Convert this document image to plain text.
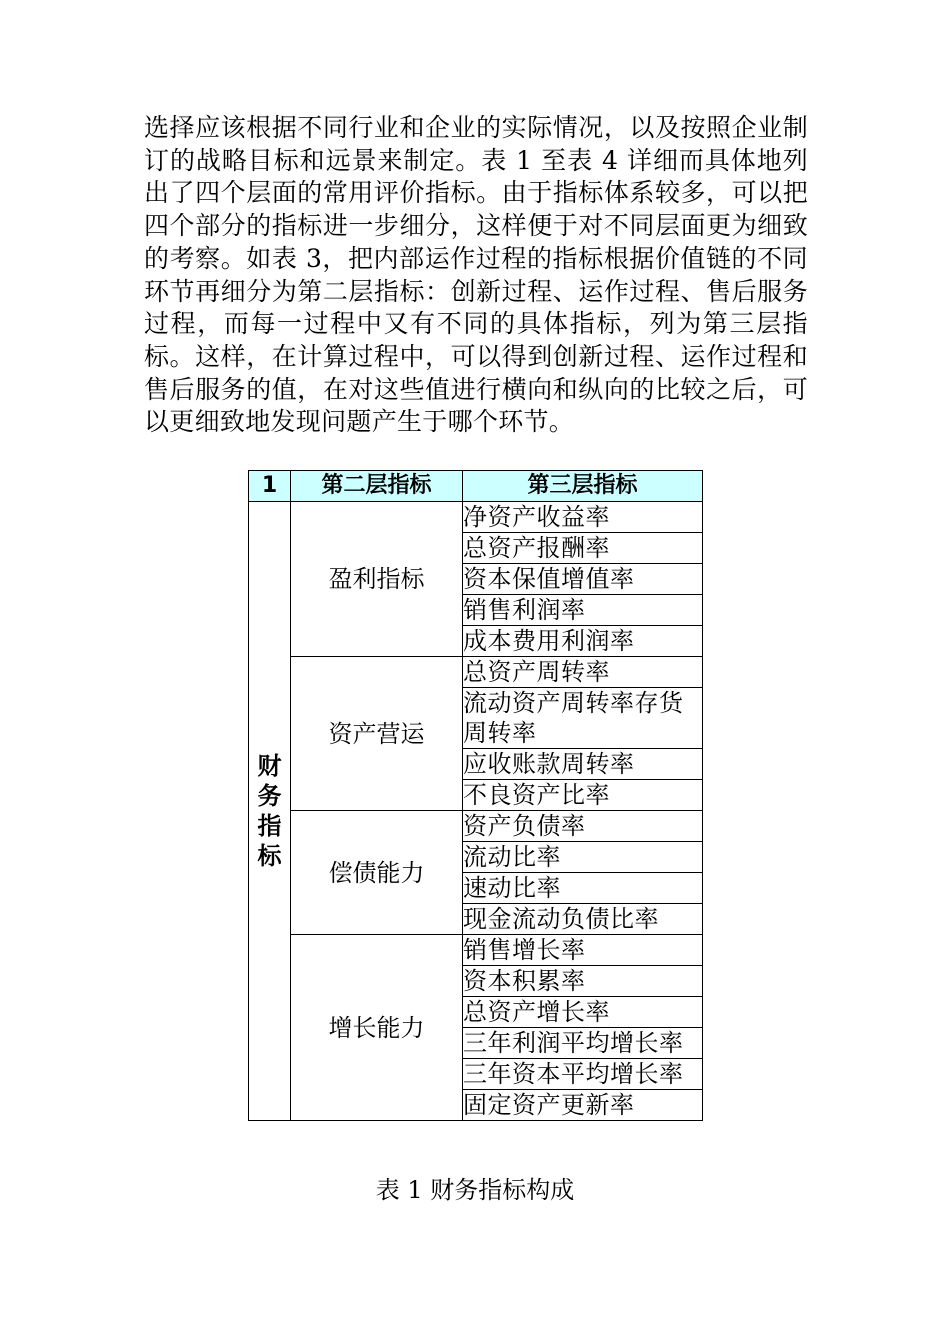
选择应该根据不同行业和企业的实际情况，以及按照企业制订的战略目标和远景来制定。表 1 至表 4 详细而具体地列出了四个层面的常用评价指标。由于指标体系较多，可以把四个部分的指标进一步细分，这样便于对不同层面更为细致的考察。如表 3，把内部运作过程的指标根据价值链的不同环节再细分为第二层指标：创新过程、运作过程、售后服务过程，而每一过程中又有不同的具体指标，列为第三层指标。这样，在计算过程中，可以得到创新过程、运作过程和售后服务的值，在对这些值进行横向和纵向的比较之后，可以更细致地发现问题产生于哪个环节。

1	第二层指标	第三层指标
财务指标	盈利指标	净资产收益率
		总资产报酬率
		资本保值增值率
		销售利润率
		成本费用利润率
	资产营运	总资产周转率
		流动资产周转率存货周转率
		应收账款周转率
		不良资产比率
	偿债能力	资产负债率
		流动比率
		速动比率
		现金流动负债比率
	增长能力	销售增长率
		资本积累率
		总资产增长率
		三年利润平均增长率
		三年资本平均增长率
		固定资产更新率

表 1 财务指标构成
